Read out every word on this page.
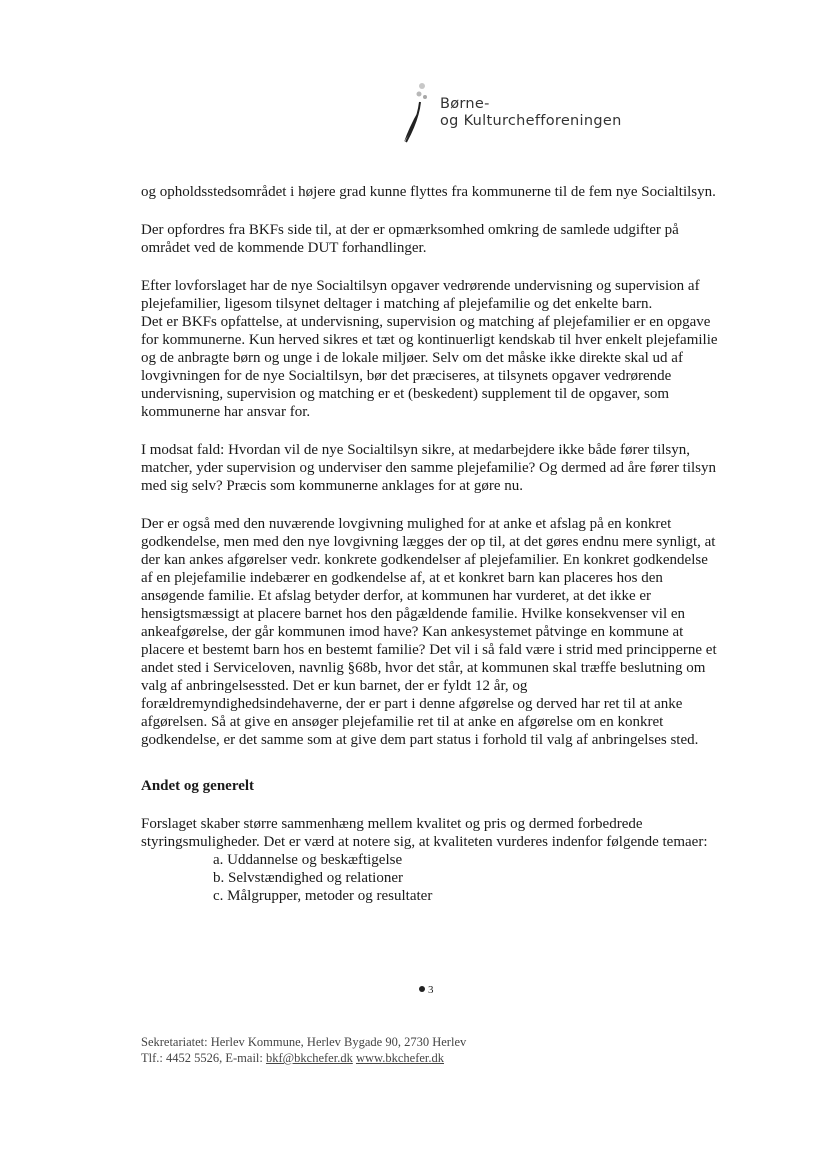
Børne-
og Kulturchefforeningen

og opholdsstedsområdet i højere grad kunne flyttes fra kommunerne til de fem nye Socialtilsyn.

Der opfordres fra BKFs side til, at der er opmærksomhed omkring de samlede udgifter på området ved de kommende DUT forhandlinger.

Efter lovforslaget har de nye Socialtilsyn opgaver vedrørende undervisning og supervision af plejefamilier, ligesom tilsynet deltager i matching af plejefamilie og det enkelte barn.

Det er BKFs opfattelse, at undervisning, supervision og matching af plejefamilier er en opgave for kommunerne. Kun herved sikres et tæt og kontinuerligt kendskab til hver enkelt plejefamilie og de anbragte børn og unge i de lokale miljøer. Selv om det måske ikke direkte skal ud af lovgivningen for de nye Socialtilsyn, bør det præciseres, at tilsynets opgaver vedrørende undervisning, supervision og matching er et (beskedent) supplement til de opgaver, som kommunerne har ansvar for.

I modsat fald: Hvordan vil de nye Socialtilsyn sikre, at medarbejdere ikke både fører tilsyn, matcher, yder supervision og underviser den samme plejefamilie? Og dermed ad åre fører tilsyn med sig selv? Præcis som kommunerne anklages for at gøre nu.

Der er også med den nuværende lovgivning mulighed for at anke et afslag på en konkret godkendelse, men med den nye lovgivning lægges der op til, at det gøres endnu mere synligt, at der kan ankes afgørelser vedr. konkrete godkendelser af plejefamilier. En konkret godkendelse af en plejefamilie indebærer en godkendelse af, at et konkret barn kan placeres hos den ansøgende familie. Et afslag betyder derfor, at kommunen har vurderet, at det ikke er hensigtsmæssigt at placere barnet hos den pågældende familie. Hvilke konsekvenser vil en ankeafgørelse, der går kommunen imod have? Kan ankesystemet påtvinge en kommune at placere et bestemt barn hos en bestemt familie? Det vil i så fald være i strid med principperne et andet sted i Serviceloven, navnlig §68b, hvor det står, at kommunen skal træffe beslutning om valg af anbringelsessted. Det er kun barnet, der er fyldt 12 år, og forældremyndighedsindehaverne, der er part i denne afgørelse og derved har ret til at anke afgørelsen. Så at give en ansøger plejefamilie ret til at anke en afgørelse om en konkret godkendelse, er det samme som at give dem part status i forhold til valg af anbringelses sted.

Andet og generelt

Forslaget skaber større sammenhæng mellem kvalitet og pris og dermed forbedrede styringsmuligheder. Det er værd at notere sig, at kvaliteten vurderes indenfor følgende temaer:

a. Uddannelse og beskæftigelse
b. Selvstændighed og relationer
c. Målgrupper, metoder og resultater
3
Sekretariatet: Herlev Kommune, Herlev Bygade 90, 2730 Herlev
Tlf.: 4452 5526, E-mail: bkf@bkchefer.dk www.bkchefer.dk
